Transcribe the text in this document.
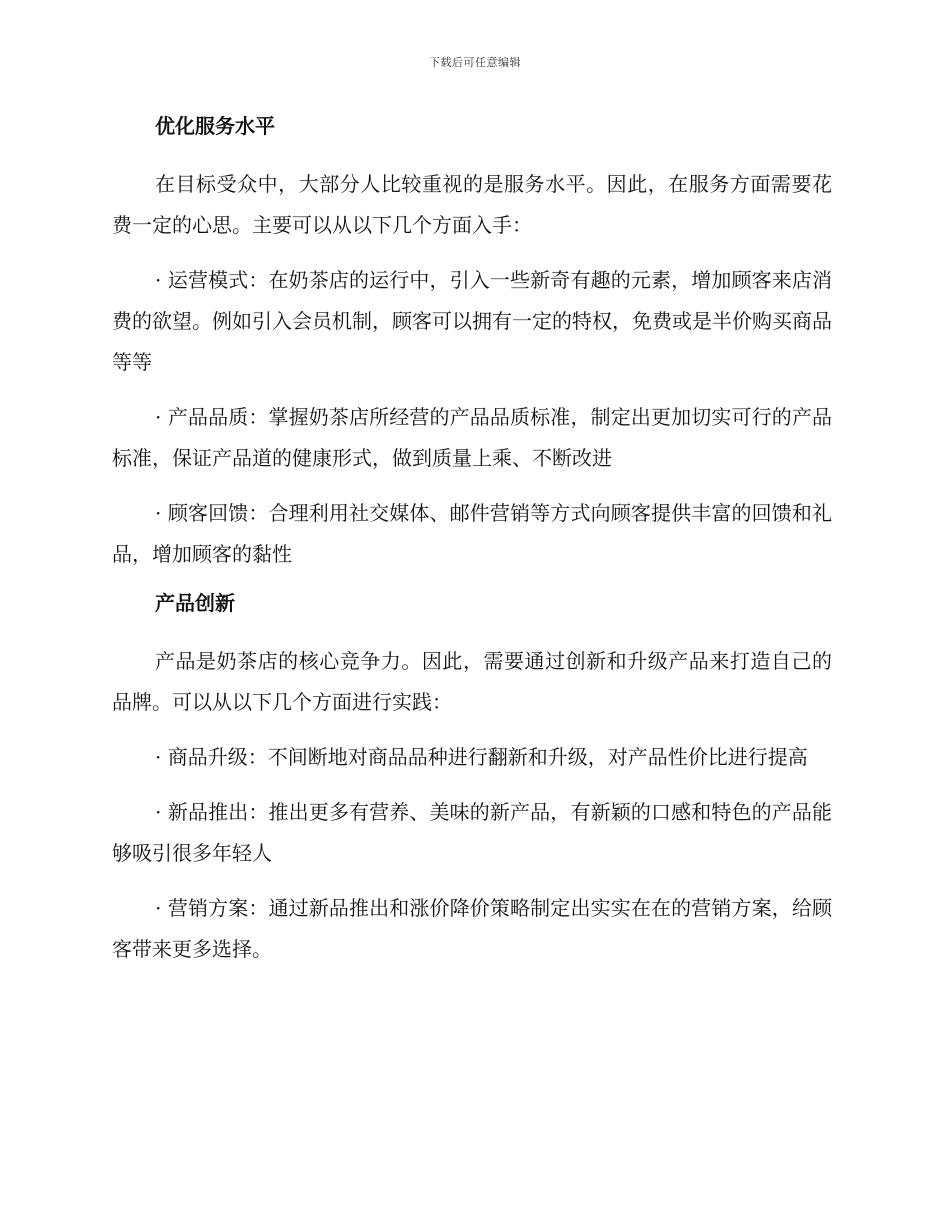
下载后可任意编辑
优化服务水平

在目标受众中，大部分人比较重视的是服务水平。因此，在服务方面需要花费一定的心思。主要可以从以下几个方面入手：

· 运营模式：在奶茶店的运行中，引入一些新奇有趣的元素，增加顾客来店消费的欲望。例如引入会员机制，顾客可以拥有一定的特权，免费或是半价购买商品等等

· 产品品质：掌握奶茶店所经营的产品品质标准，制定出更加切实可行的产品标准，保证产品道的健康形式，做到质量上乘、不断改进

· 顾客回馈：合理利用社交媒体、邮件营销等方式向顾客提供丰富的回馈和礼品，增加顾客的黏性

产品创新

产品是奶茶店的核心竞争力。因此，需要通过创新和升级产品来打造自己的品牌。可以从以下几个方面进行实践：

· 商品升级：不间断地对商品品种进行翻新和升级，对产品性价比进行提高

· 新品推出：推出更多有营养、美味的新产品，有新颖的口感和特色的产品能够吸引很多年轻人

· 营销方案：通过新品推出和涨价降价策略制定出实实在在的营销方案，给顾客带来更多选择。
